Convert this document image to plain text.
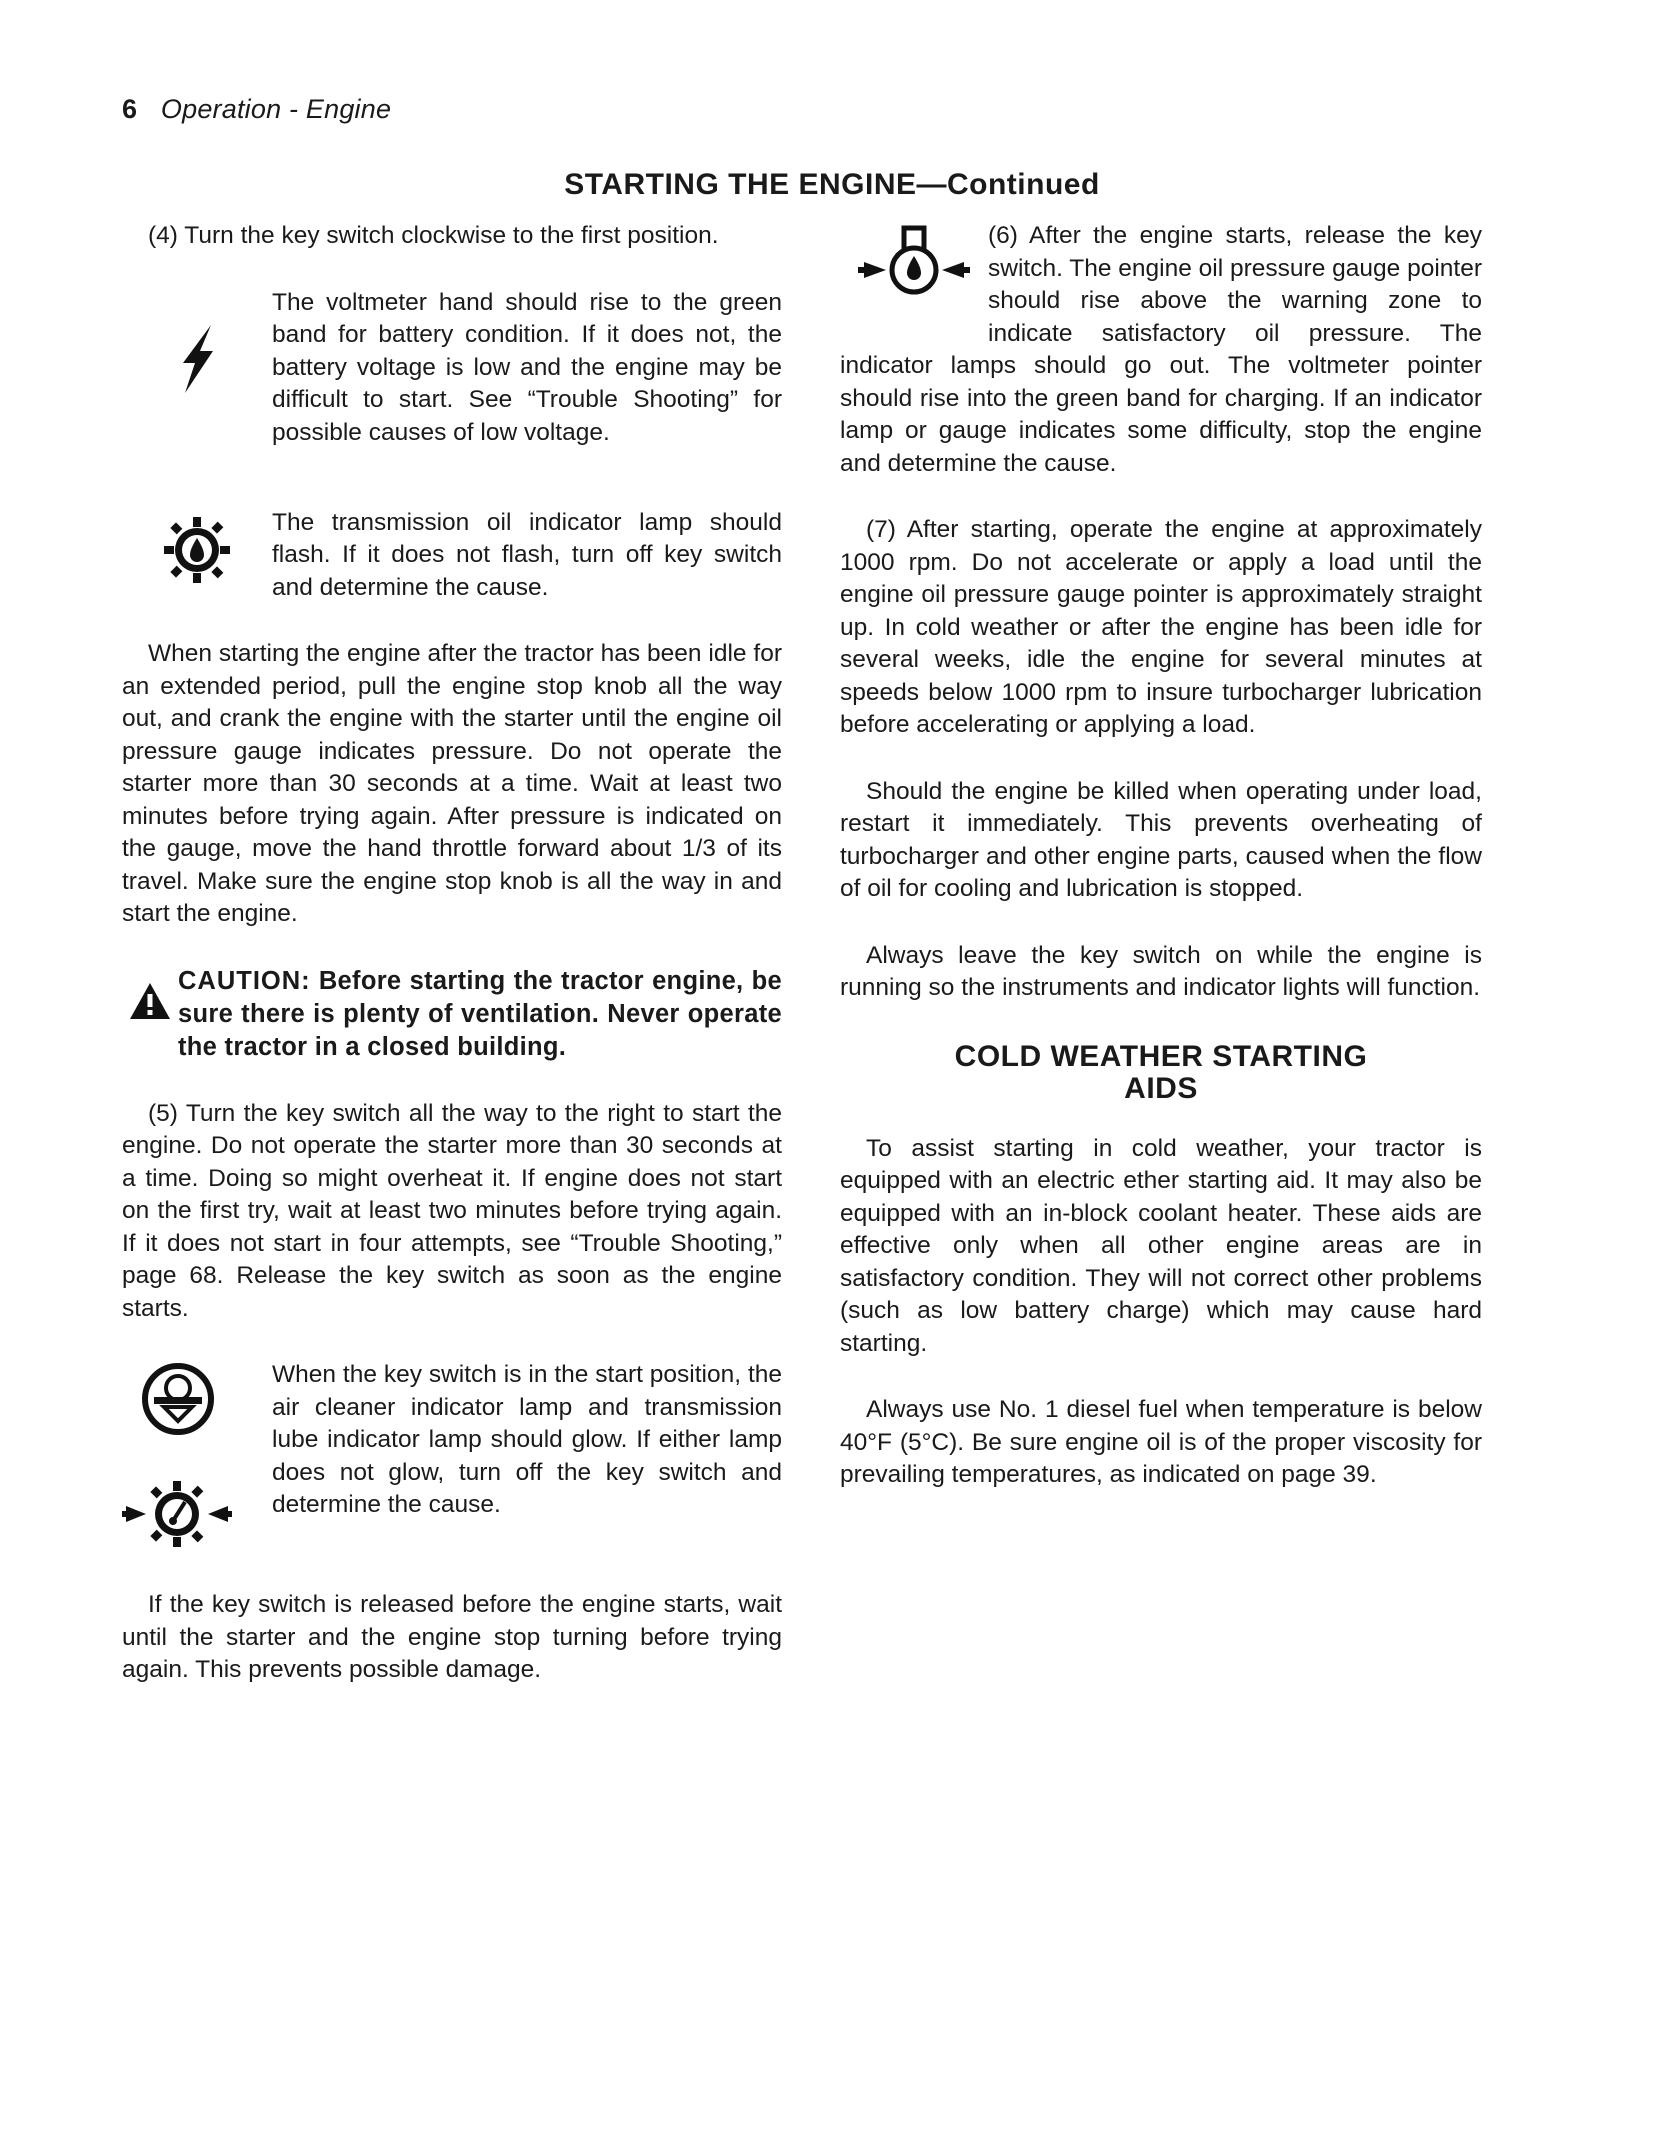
6 Operation - Engine
STARTING THE ENGINE—Continued

(4) Turn the key switch clockwise to the first position.

The voltmeter hand should rise to the green band for battery condition. If it does not, the battery voltage is low and the engine may be difficult to start. See “Trouble Shooting” for possible causes of low voltage.

The transmission oil indicator lamp should flash. If it does not flash, turn off key switch and determine the cause.

When starting the engine after the tractor has been idle for an extended period, pull the engine stop knob all the way out, and crank the engine with the starter until the engine oil pressure gauge indicates pressure. Do not operate the starter more than 30 seconds at a time. Wait at least two minutes before trying again. After pressure is indicated on the gauge, move the hand throttle forward about 1/3 of its travel. Make sure the engine stop knob is all the way in and start the engine.

CAUTION: Before starting the tractor engine, be sure there is plenty of ventilation. Never operate the tractor in a closed building.

(5) Turn the key switch all the way to the right to start the engine. Do not operate the starter more than 30 seconds at a time. Doing so might overheat it. If engine does not start on the first try, wait at least two minutes before trying again. If it does not start in four attempts, see “Trouble Shooting,” page 68. Release the key switch as soon as the engine starts.

When the key switch is in the start position, the air cleaner indicator lamp and transmission lube indicator lamp should glow. If either lamp does not glow, turn off the key switch and determine the cause.

If the key switch is released before the engine starts, wait until the starter and the engine stop turning before trying again. This prevents possible damage.

(6) After the engine starts, release the key switch. The engine oil pressure gauge pointer should rise above the warning zone to indicate satisfactory oil pressure. The indicator lamps should go out. The voltmeter pointer should rise into the green band for charging. If an indicator lamp or gauge indicates some difficulty, stop the engine and determine the cause.

(7) After starting, operate the engine at approximately 1000 rpm. Do not accelerate or apply a load until the engine oil pressure gauge pointer is approximately straight up. In cold weather or after the engine has been idle for several weeks, idle the engine for several minutes at speeds below 1000 rpm to insure turbocharger lubrication before accelerating or applying a load.

Should the engine be killed when operating under load, restart it immediately. This prevents overheating of turbocharger and other engine parts, caused when the flow of oil for cooling and lubrication is stopped.

Always leave the key switch on while the engine is running so the instruments and indicator lights will function.

COLD WEATHER STARTING
AIDS

To assist starting in cold weather, your tractor is equipped with an electric ether starting aid. It may also be equipped with an in-block coolant heater. These aids are effective only when all other engine areas are in satisfactory condition. They will not correct other problems (such as low battery charge) which may cause hard starting.

Always use No. 1 diesel fuel when temperature is below 40°F (5°C). Be sure engine oil is of the proper viscosity for prevailing temperatures, as indicated on page 39.
